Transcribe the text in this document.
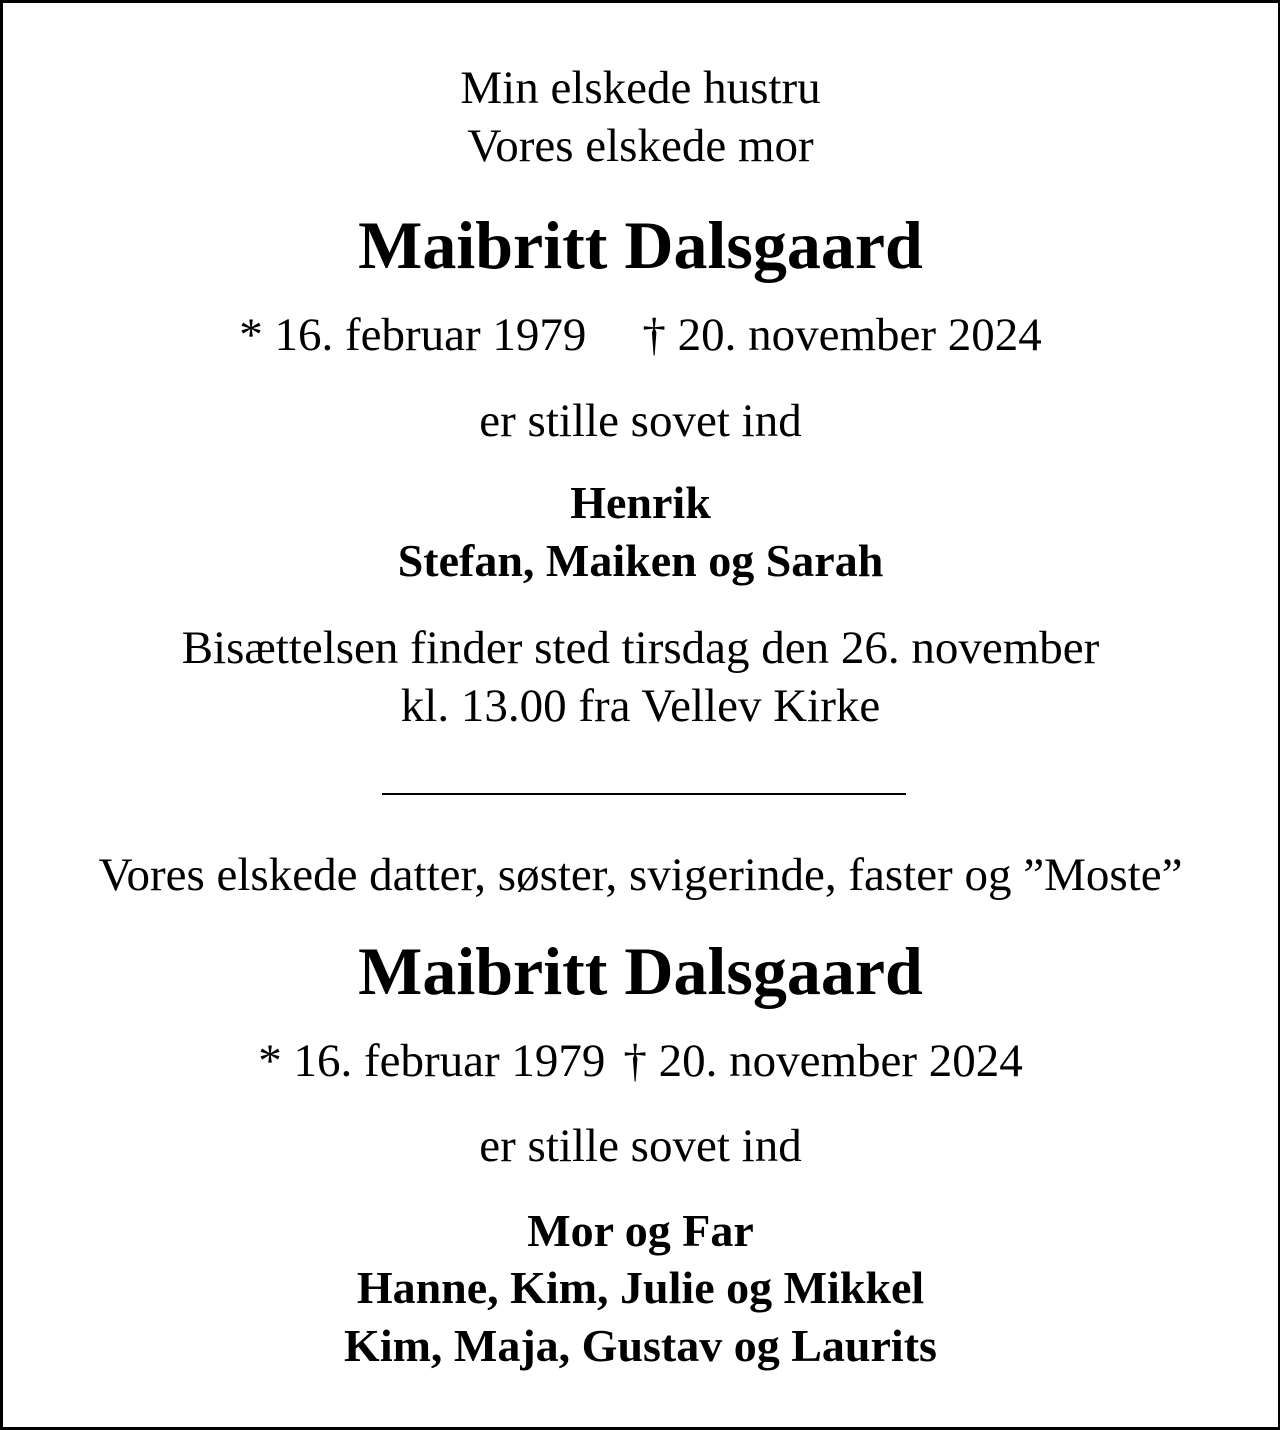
Min elskede hustru
Vores elskede mor
Maibritt Dalsgaard
* 16. februar 1979 † 20. november 2024
er stille sovet ind
Henrik
Stefan, Maiken og Sarah
Bisættelsen finder sted tirsdag den 26. november
kl. 13.00 fra Vellev Kirke
Vores elskede datter, søster, svigerinde, faster og ”Moste”
Maibritt Dalsgaard
* 16. februar 1979 † 20. november 2024
er stille sovet ind
Mor og Far
Hanne, Kim, Julie og Mikkel
Kim, Maja, Gustav og Laurits
